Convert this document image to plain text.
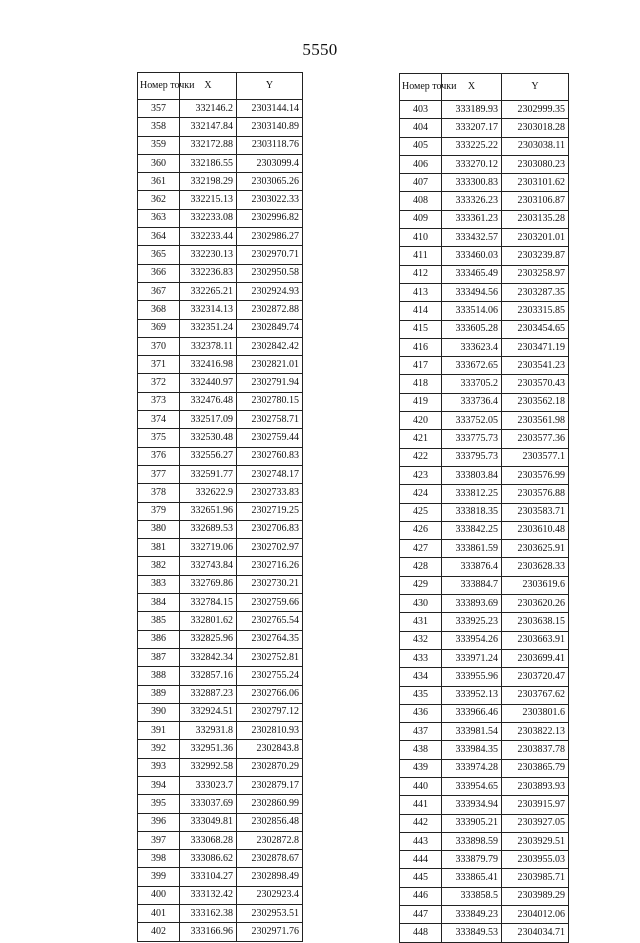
5550
Номер точки	X	Y
357	332146.2	2303144.14
358	332147.84	2303140.89
359	332172.88	2303118.76
360	332186.55	2303099.4
361	332198.29	2303065.26
362	332215.13	2303022.33
363	332233.08	2302996.82
364	332233.44	2302986.27
365	332230.13	2302970.71
366	332236.83	2302950.58
367	332265.21	2302924.93
368	332314.13	2302872.88
369	332351.24	2302849.74
370	332378.11	2302842.42
371	332416.98	2302821.01
372	332440.97	2302791.94
373	332476.48	2302780.15
374	332517.09	2302758.71
375	332530.48	2302759.44
376	332556.27	2302760.83
377	332591.77	2302748.17
378	332622.9	2302733.83
379	332651.96	2302719.25
380	332689.53	2302706.83
381	332719.06	2302702.97
382	332743.84	2302716.26
383	332769.86	2302730.21
384	332784.15	2302759.66
385	332801.62	2302765.54
386	332825.96	2302764.35
387	332842.34	2302752.81
388	332857.16	2302755.24
389	332887.23	2302766.06
390	332924.51	2302797.12
391	332931.8	2302810.93
392	332951.36	2302843.8
393	332992.58	2302870.29
394	333023.7	2302879.17
395	333037.69	2302860.99
396	333049.81	2302856.48
397	333068.28	2302872.8
398	333086.62	2302878.67
399	333104.27	2302898.49
400	333132.42	2302923.4
401	333162.38	2302953.51
402	333166.96	2302971.76
Номер точки	X	Y
403	333189.93	2302999.35
404	333207.17	2303018.28
405	333225.22	2303038.11
406	333270.12	2303080.23
407	333300.83	2303101.62
408	333326.23	2303106.87
409	333361.23	2303135.28
410	333432.57	2303201.01
411	333460.03	2303239.87
412	333465.49	2303258.97
413	333494.56	2303287.35
414	333514.06	2303315.85
415	333605.28	2303454.65
416	333623.4	2303471.19
417	333672.65	2303541.23
418	333705.2	2303570.43
419	333736.4	2303562.18
420	333752.05	2303561.98
421	333775.73	2303577.36
422	333795.73	2303577.1
423	333803.84	2303576.99
424	333812.25	2303576.88
425	333818.35	2303583.71
426	333842.25	2303610.48
427	333861.59	2303625.91
428	333876.4	2303628.33
429	333884.7	2303619.6
430	333893.69	2303620.26
431	333925.23	2303638.15
432	333954.26	2303663.91
433	333971.24	2303699.41
434	333955.96	2303720.47
435	333952.13	2303767.62
436	333966.46	2303801.6
437	333981.54	2303822.13
438	333984.35	2303837.78
439	333974.28	2303865.79
440	333954.65	2303893.93
441	333934.94	2303915.97
442	333905.21	2303927.05
443	333898.59	2303929.51
444	333879.79	2303955.03
445	333865.41	2303985.71
446	333858.5	2303989.29
447	333849.23	2304012.06
448	333849.53	2304034.71
